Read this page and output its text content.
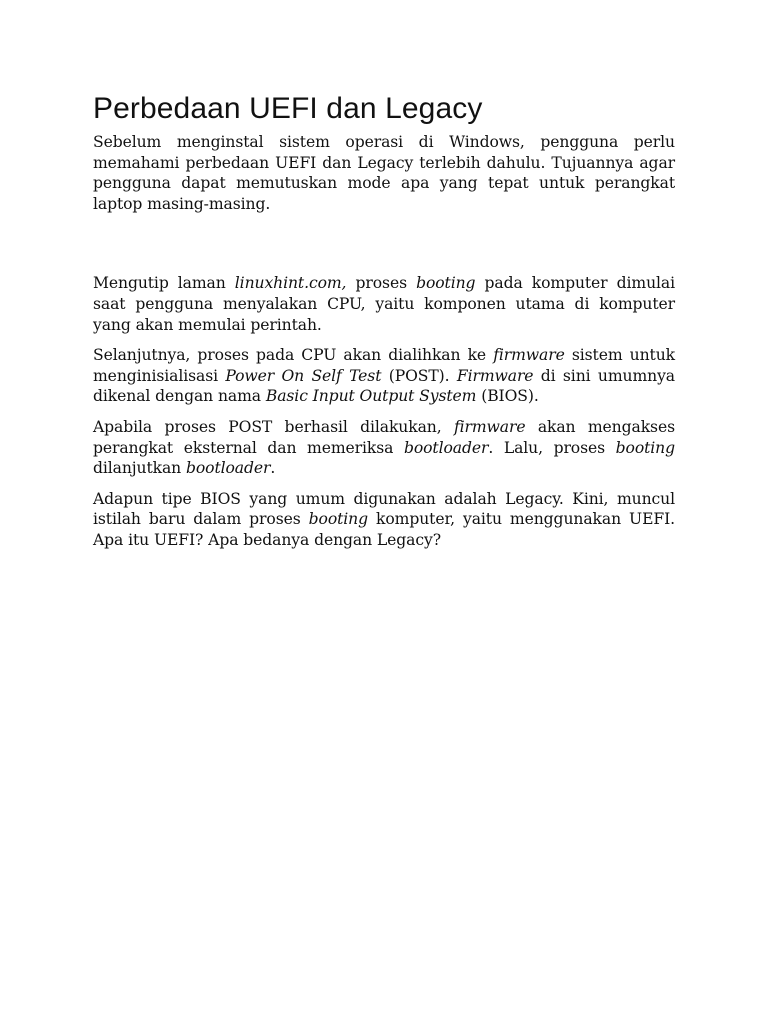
Perbedaan UEFI dan Legacy

Sebelum menginstal sistem operasi di Windows, pengguna perlu memahami perbedaan UEFI dan Legacy terlebih dahulu. Tujuannya agar pengguna dapat memutuskan mode apa yang tepat untuk perangkat laptop masing-masing.

Mengutip laman linuxhint.com, proses booting pada komputer dimulai saat pengguna menyalakan CPU, yaitu komponen utama di komputer yang akan memulai perintah.

Selanjutnya, proses pada CPU akan dialihkan ke firmware sistem untuk menginisialisasi Power On Self Test (POST). Firmware di sini umumnya dikenal dengan nama Basic Input Output System (BIOS).

Apabila proses POST berhasil dilakukan, firmware akan mengakses perangkat eksternal dan memeriksa bootloader. Lalu, proses booting dilanjutkan bootloader.

Adapun tipe BIOS yang umum digunakan adalah Legacy. Kini, muncul istilah baru dalam proses booting komputer, yaitu menggunakan UEFI. Apa itu UEFI? Apa bedanya dengan Legacy?
